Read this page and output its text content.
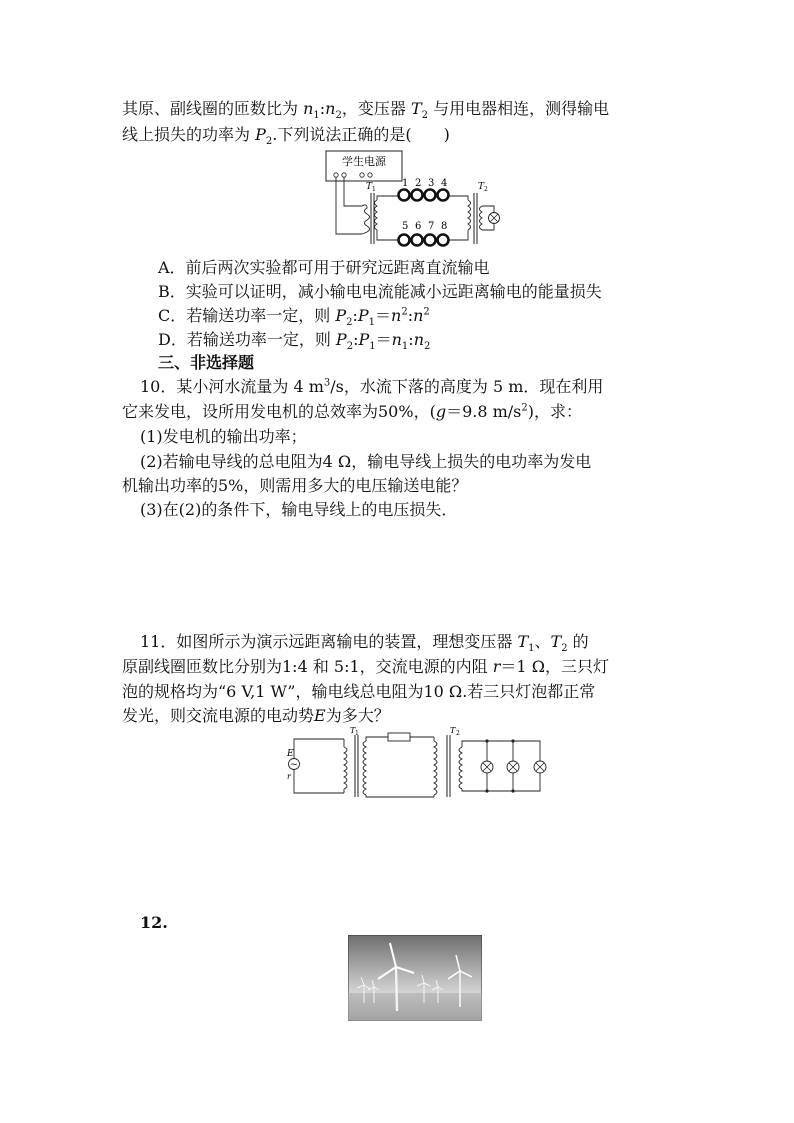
其原、副线圈的匝数比为 $n_1:n_2$，变压器 $T_2$ 与用电器相连，测得输电
线上损失的功率为 $P_2$.下列说法正确的是(　　)
学生电源
T 1
1 2 3 4
5 6 7 8
T 2
A．前后两次实验都可用于研究远距离直流输电
B．实验可以证明，减小输电电流能减小远距离输电的能量损失
C．若输送功率一定，则 $P_2:P_1=n^2:n^2$
D．若输送功率一定，则 $P_2:P_1=n_1:n_2$
三、非选择题
10．某小河水流量为 4 $m^3/s$，水流下落的高度为 5 m．现在利用
它来发电，设所用发电机的总效率为50%，(g＝9.8 $m/s^2$)，求：
(1)发电机的输出功率；
(2)若输电导线的总电阻为4 Ω，输电导线上损失的电功率为发电
机输出功率的5%，则需用多大的电压输送电能？
(3)在(2)的条件下，输电导线上的电压损失．
11．如图所示为演示远距离输电的装置，理想变压器 $T_1$、$T_2$ 的
原副线圈匝数比分别为1:4 和 5:1，交流电源的内阻 r＝1 Ω，三只灯
泡的规格均为“6 V,1 W”，输电线总电阻为10 Ω.若三只灯泡都正常
发光，则交流电源的电动势E为多大？
~
E
r
T 1	T 2
12.
